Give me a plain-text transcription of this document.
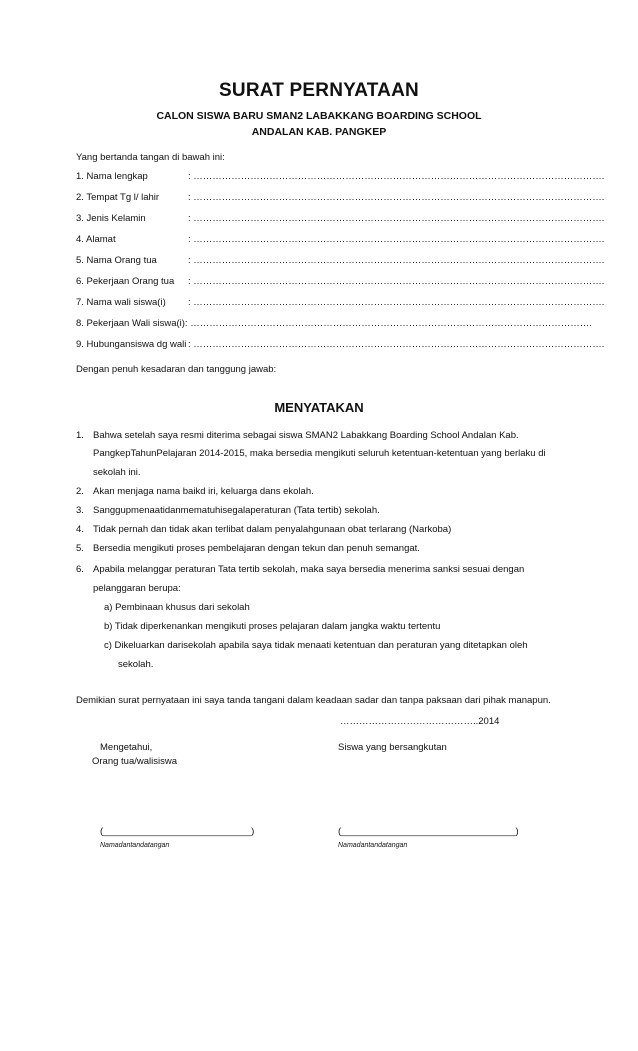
SURAT PERNYATAAN
CALON SISWA BARU SMAN2 LABAKKANG BOARDING SCHOOL
ANDALAN KAB. PANGKEP
Yang bertanda tangan di bawah ini:
1. Nama lengkap	: ………………………………………………………………………………………………………………….
2. Tempat Tg l/ lahir	: ………………………………………………………………………………………………………………….
3. Jenis Kelamin	: ………………………………………………………………………………………………………………….
4. Alamat	: ………………………………………………………………………………………………………………….
5. Nama Orang tua	: ………………………………………………………………………………………………………………….
6. Pekerjaan Orang tua : ………………………………………………………………………………………………………………….
7. Nama wali siswa(i) : ………………………………………………………………………………………………………………….
8. Pekerjaan Wali siswa(i): ……………………………………………………………………………………………………………….
9. Hubungansiswa dg wali : ………………………………………………………………………………………………………………….
Dengan penuh kesadaran dan tanggung jawab:
MENYATAKAN
1. Bahwa setelah saya resmi diterima sebagai siswa SMAN2 Labakkang Boarding School Andalan Kab.
PangkepTahunPelajaran 2014-2015, maka bersedia mengikuti seluruh ketentuan-ketentuan yang berlaku di
sekolah ini.
2. Akan menjaga nama baikd iri, keluarga dans ekolah.
3. Sanggupmenaatidanmematuhisegalaperaturan (Tata tertib) sekolah.
4. Tidak pernah dan tidak akan terlibat dalam penyalahgunaan obat terlarang (Narkoba)
5. Bersedia mengikuti proses pembelajaran dengan tekun dan penuh semangat.
6. Apabila melanggar peraturan Tata tertib sekolah, maka saya bersedia menerima sanksi sesuai dengan
pelanggaran berupa:
a) Pembinaan khusus dari sekolah
b) Tidak diperkenankan mengikuti proses pelajaran dalam jangka waktu tertentu
c) Dikeluarkan darisekolah apabila saya tidak menaati ketentuan dan peraturan yang ditetapkan oleh
sekolah.
Demikian surat pernyataan ini saya tanda tangani dalam keadaan sadar dan tanpa paksaan dari pihak manapun.
……………………………………..2014
Mengetahui,
Orang tua/walisiswa
Siswa yang bersangkutan
(____________________________)
Namadantandatangan
(_________________________________)
Namadantandatangan
